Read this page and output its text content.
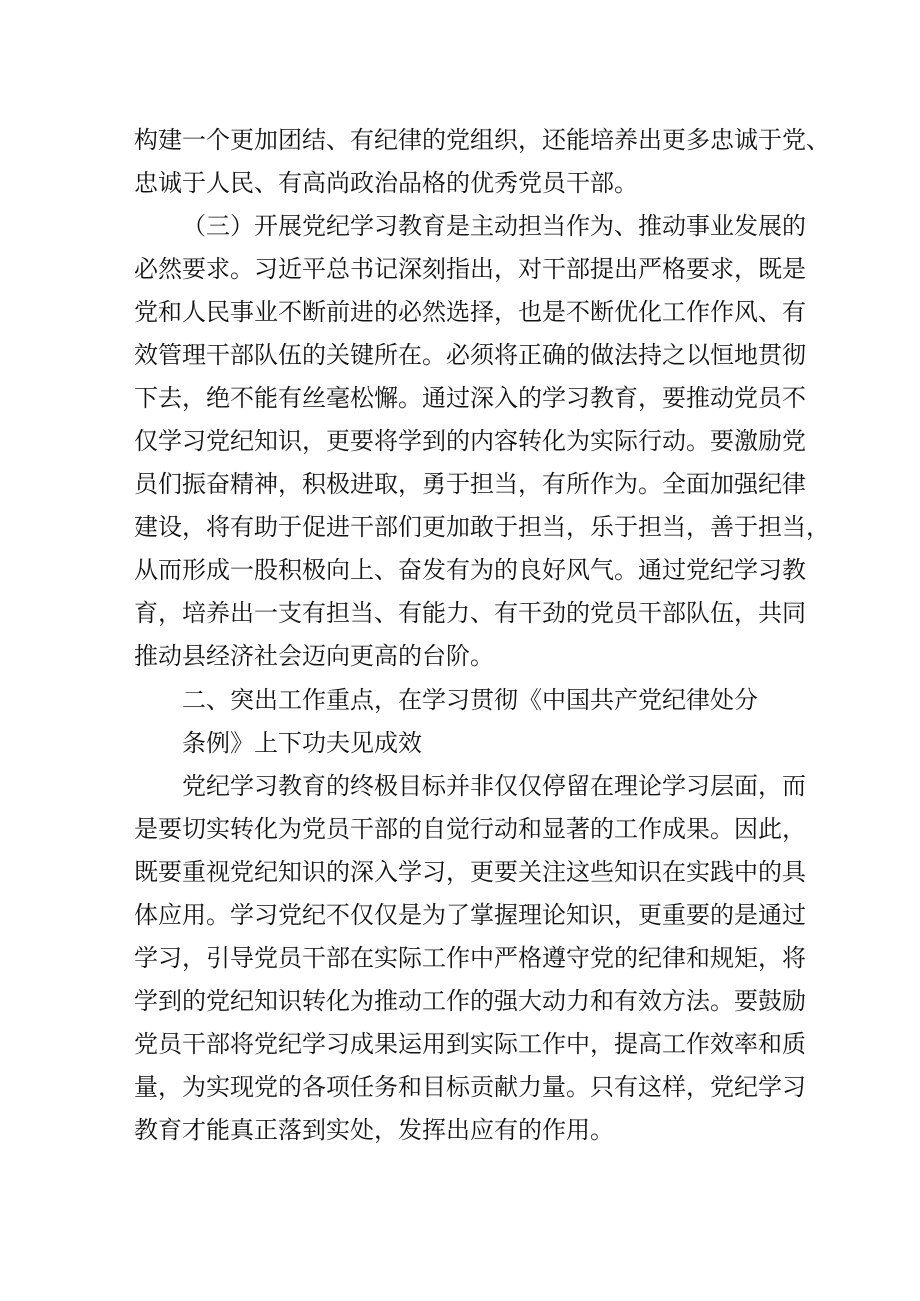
构建一个更加团结、有纪律的党组织，还能培养出更多忠诚于党、
忠诚于人民、有高尚政治品格的优秀党员干部。
（三）开展党纪学习教育是主动担当作为、推动事业发展的
必然要求。习近平总书记深刻指出，对干部提出严格要求，既是
党和人民事业不断前进的必然选择，也是不断优化工作作风、有
效管理干部队伍的关键所在。必须将正确的做法持之以恒地贯彻
下去，绝不能有丝毫松懈。通过深入的学习教育，要推动党员不
仅学习党纪知识，更要将学到的内容转化为实际行动。要激励党
员们振奋精神，积极进取，勇于担当，有所作为。全面加强纪律
建设，将有助于促进干部们更加敢于担当，乐于担当，善于担当，
从而形成一股积极向上、奋发有为的良好风气。通过党纪学习教
育，培养出一支有担当、有能力、有干劲的党员干部队伍，共同
推动县经济社会迈向更高的台阶。
二、突出工作重点，在学习贯彻《中国共产党纪律处分
条例》上下功夫见成效
党纪学习教育的终极目标并非仅仅停留在理论学习层面，而
是要切实转化为党员干部的自觉行动和显著的工作成果。因此，
既要重视党纪知识的深入学习，更要关注这些知识在实践中的具
体应用。学习党纪不仅仅是为了掌握理论知识，更重要的是通过
学习，引导党员干部在实际工作中严格遵守党的纪律和规矩，将
学到的党纪知识转化为推动工作的强大动力和有效方法。要鼓励
党员干部将党纪学习成果运用到实际工作中，提高工作效率和质
量，为实现党的各项任务和目标贡献力量。只有这样，党纪学习
教育才能真正落到实处，发挥出应有的作用。
